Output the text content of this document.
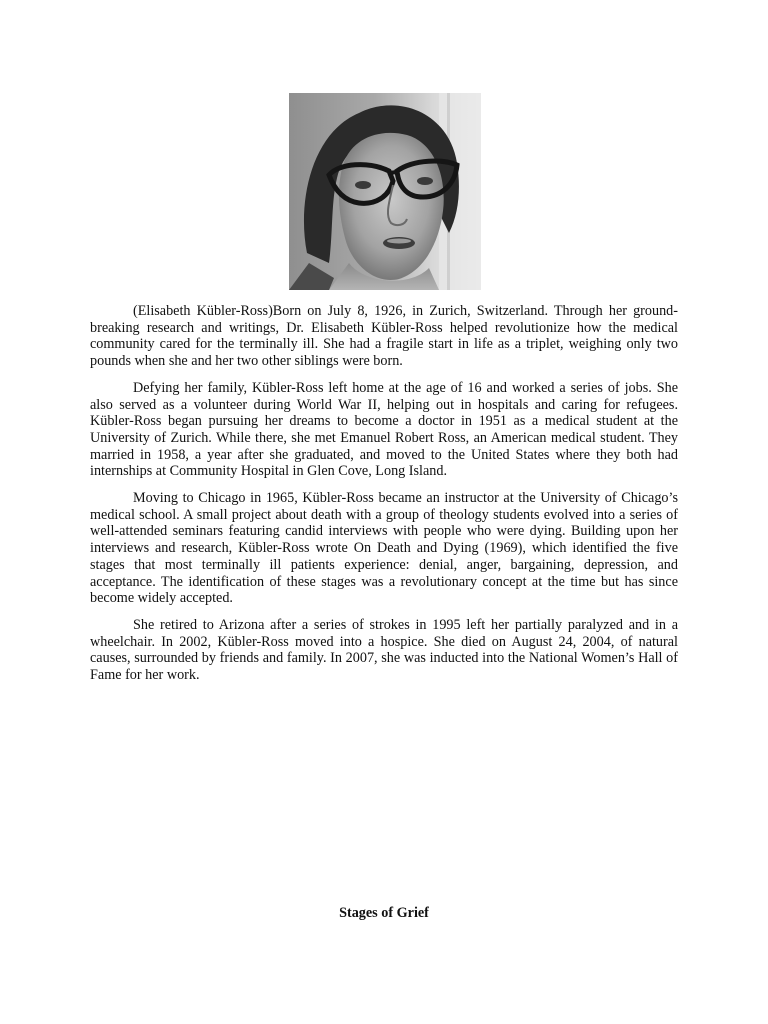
(Elisabeth Kübler-Ross)Born on July 8, 1926, in Zurich, Switzerland. Through her ground-breaking research and writings, Dr. Elisabeth Kübler-Ross helped revolutionize how the medical community cared for the terminally ill. She had a fragile start in life as a triplet, weighing only two pounds when she and her two other siblings were born.

Defying her family, Kübler-Ross left home at the age of 16 and worked a series of jobs. She also served as a volunteer during World War II, helping out in hospitals and caring for refugees. Kübler-Ross began pursuing her dreams to become a doctor in 1951 as a medical student at the University of Zurich. While there, she met Emanuel Robert Ross, an American medical student. They married in 1958, a year after she graduated, and moved to the United States where they both had internships at Community Hospital in Glen Cove, Long Island.

Moving to Chicago in 1965, Kübler-Ross became an instructor at the University of Chicago’s medical school. A small project about death with a group of theology students evolved into a series of well-attended seminars featuring candid interviews with people who were dying. Building upon her interviews and research, Kübler-Ross wrote On Death and Dying (1969), which identified the five stages that most terminally ill patients experience: denial, anger, bargaining, depression, and acceptance. The identification of these stages was a revolutionary concept at the time but has since become widely accepted.

She retired to Arizona after a series of strokes in 1995 left her partially paralyzed and in a wheelchair. In 2002, Kübler-Ross moved into a hospice. She died on August 24, 2004, of natural causes, surrounded by friends and family. In 2007, she was inducted into the National Women’s Hall of Fame for her work.

Stages of Grief
